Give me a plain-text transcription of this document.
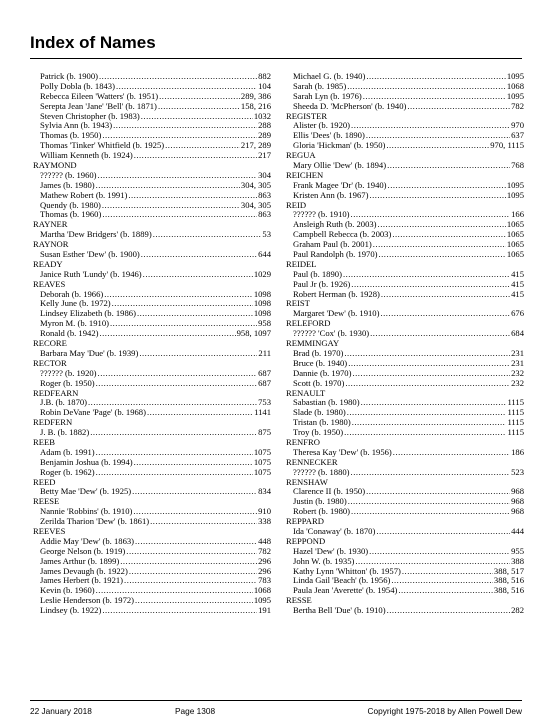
Index of Names
Patrick (b. 1900) .....	882
Polly Dobla (b. 1843) .....	104
Rebecca Eileen 'Watters' (b. 1951) .....	289, 386
Serepta Jean 'Jane' 'Bell' (b. 1871) .....	158, 216
Steven Christopher (b. 1983) .....	1032
Sylvia Ann (b. 1943) .....	288
Thomas (b. 1950) .....	289
Thomas 'Tinker' Whitfield (b. 1925) .....	217, 289
William Kenneth (b. 1924) .....	217
RAYMOND
?????? (b. 1960) .....	304
James (b. 1980) .....	304, 305
Mathew Robert (b. 1991) .....	863
Quendy (b. 1980) .....	304, 305
Thomas (b. 1960) .....	863
RAYNER
Martha 'Dew Bridgers' (b. 1889) .....	53
RAYNOR
Susan Esther 'Dew' (b. 1900) .....	644
READY
Janice Ruth 'Lundy' (b. 1946) .....	1029
REAVES
Deborah (b. 1966) .....	1098
Kelly June (b. 1972) .....	1098
Lindsey Elizabeth (b. 1986) .....	1098
Myron M. (b. 1910) .....	958
Ronald (b. 1942) .....	958, 1097
RECORE
Barbara May 'Due' (b. 1939) .....	211
RECTOR
?????? (b. 1920) .....	687
Roger (b. 1950) .....	687
REDFEARN
J.B. (b. 1870) .....	753
Robin DeVane 'Page' (b. 1968) .....	1141
REDFERN
J. B. (b. 1882) .....	875
REEB
Adam (b. 1991) .....	1075
Benjamin Joshua (b. 1994) .....	1075
Roger (b. 1962) .....	1075
REED
Betty Mae 'Dew' (b. 1925) .....	834
REESE
Nannie 'Robbins' (b. 1910) .....	910
Zerilda Tharion 'Dew' (b. 1861) .....	338
REEVES
Addie May 'Dew' (b. 1863) .....	448
George Nelson (b. 1919) .....	782
James Arthur (b. 1899) .....	296
James Devaugh (b. 1922) .....	296
James Herbert (b. 1921) .....	783
Kevin (b. 1960) .....	1068
Leslie Henderson (b. 1972) .....	1095
Lindsey (b. 1922) .....	191
Michael G. (b. 1940) .....	1095
Sarah (b. 1985) .....	1068
Sarah Lyn (b. 1976) .....	1095
Sheeda D. 'McPherson' (b. 1940) .....	782
REGISTER
Alister (b. 1920) .....	970
Ellis 'Dees' (b. 1890) .....	637
Gloria 'Hickman' (b. 1950) .....	970, 1115
REGUA
Mary Ollie 'Dew' (b. 1894) .....	768
REICHEN
Frank Magee 'Dr' (b. 1940) .....	1095
Kristen Ann (b. 1967) .....	1095
REID
?????? (b. 1910) .....	166
Ansleigh Ruth (b. 2003) .....	1065
Campbell Rebecca (b. 2003) .....	1065
Graham Paul (b. 2001) .....	1065
Paul Randolph (b. 1970) .....	1065
REIDEL
Paul (b. 1890) .....	415
Paul Jr (b. 1926) .....	415
Robert Herman (b. 1928) .....	415
REIST
Margaret 'Dew' (b. 1910) .....	676
RELEFORD
?????? 'Cox' (b. 1930) .....	684
REMMINGAY
Brad (b. 1970) .....	231
Bruce (b. 1940) .....	231
Dannie (b. 1970) .....	232
Scott (b. 1970) .....	232
RENAULT
Sabastian (b. 1980) .....	1115
Slade (b. 1980) .....	1115
Tristan (b. 1980) .....	1115
Troy (b. 1950) .....	1115
RENFRO
Theresa Kay 'Dew' (b. 1956) .....	186
RENNECKER
?????? (b. 1880) .....	523
RENSHAW
Clarence II (b. 1950) .....	968
Justin (b. 1980) .....	968
Robert (b. 1980) .....	968
REPPARD
Ida 'Conaway' (b. 1870) .....	444
REPPOND
Hazel 'Dew' (b. 1930) .....	955
John W. (b. 1935) .....	388
Kathy Lynn 'Whitton' (b. 1957) .....	388, 517
Linda Gail 'Beach' (b. 1956) .....	388, 516
Paula Jean 'Averette' (b. 1954) .....	388, 516
RESSE
Bertha Bell 'Due' (b. 1910) .....	282
22 January 2018	Page 1308	Copyright 1975-2018 by Allen Powell Dew
